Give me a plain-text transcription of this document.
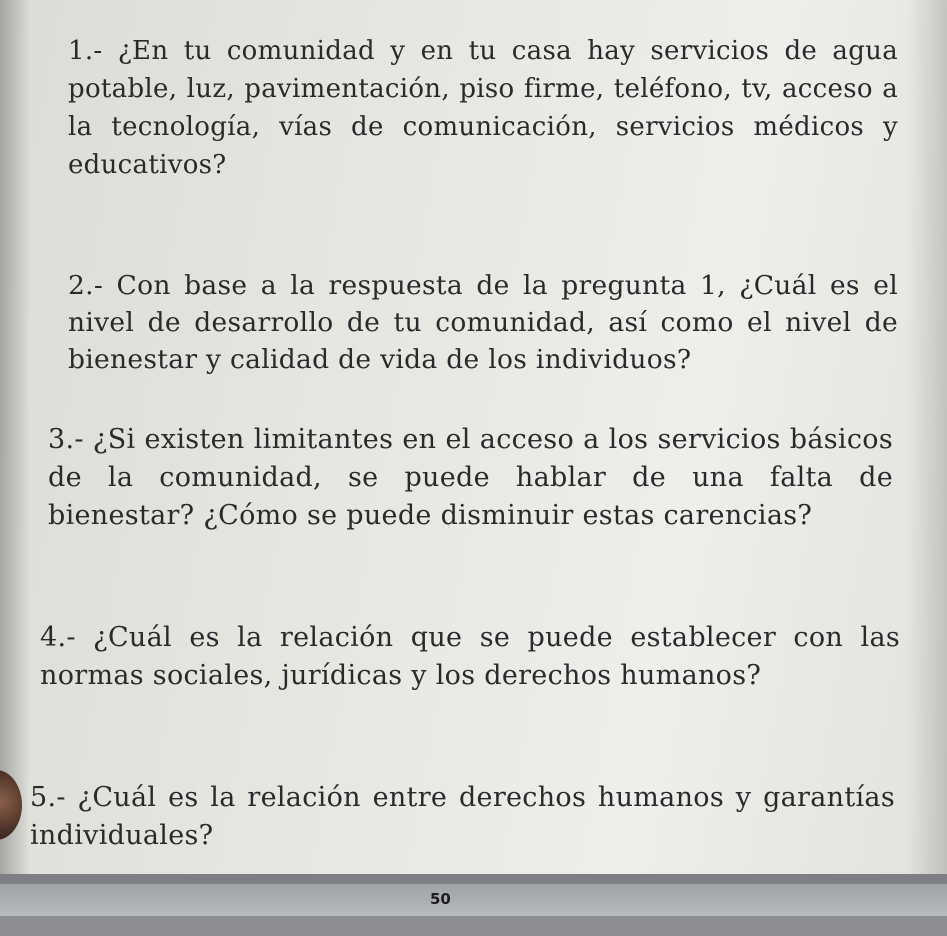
1.- ¿En tu comunidad y en tu casa hay servicios de agua potable, luz, pavimentación, piso firme, teléfono, tv, acceso a la tecnología, vías de comunicación, servicios médicos y educativos?

2.- Con base a la respuesta de la pregunta 1, ¿Cuál es el nivel de desarrollo de tu comunidad, así como el nivel de bienestar y calidad de vida de los individuos?

3.- ¿Si existen limitantes en el acceso a los servicios básicos de la comunidad, se puede hablar de una falta de bienestar? ¿Cómo se puede disminuir estas carencias?

4.- ¿Cuál es la relación que se puede establecer con las normas sociales, jurídicas y los derechos humanos?

5.- ¿Cuál es la relación entre derechos humanos y garantías individuales?

50
